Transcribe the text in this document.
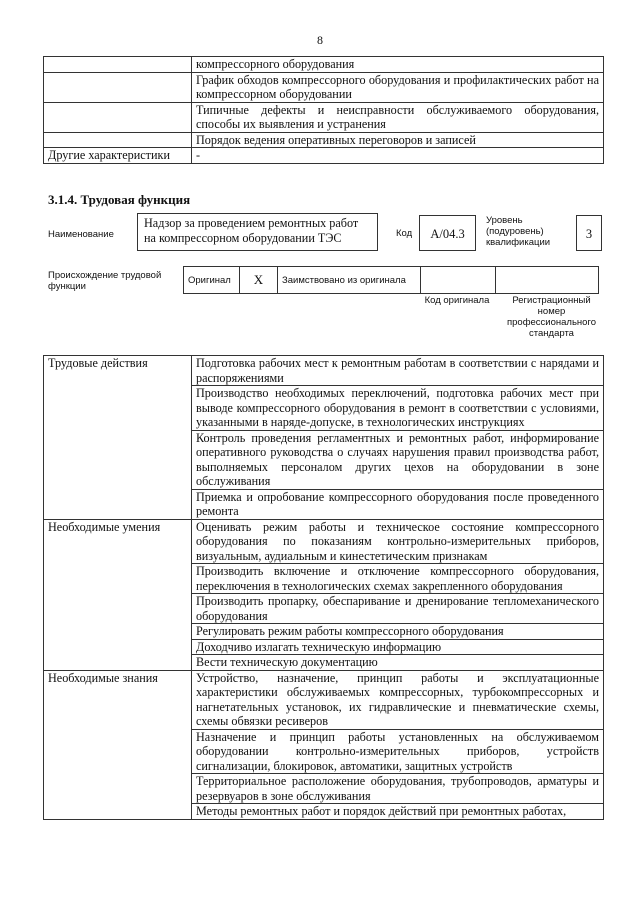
8
	компрессорного оборудования
	График обходов компрессорного оборудования и профилактических работ на компрессорном оборудовании
	Типичные дефекты и неисправности обслуживаемого оборудования, способы их выявления и устранения
	Порядок ведения оперативных переговоров и записей
Другие характеристики	-
3.1.4. Трудовая функция
Наименование
Надзор за проведением ремонтных работ на компрессорном оборудовании ТЭС	Код	А/04.3
Уровень (подуровень) квалификации
3
Происхождение трудовой функции
Оригинал	X	Заимствовано из оригинала		
Код оригинала	Регистрационный номер профессионального стандарта
Трудовые действия	Подготовка рабочих мест к ремонтным работам в соответствии с нарядами и распоряжениями
	Производство необходимых переключений, подготовка рабочих мест при выводе компрессорного оборудования в ремонт в соответствии с условиями, указанными в наряде-допуске, в технологических инструкциях
	Контроль проведения регламентных и ремонтных работ, информирование оперативного руководства о случаях нарушения правил производства работ, выполняемых персоналом других цехов на оборудовании в зоне обслуживания
	Приемка и опробование компрессорного оборудования после проведенного ремонта
Необходимые умения	Оценивать режим работы и техническое состояние компрессорного оборудования по показаниям контрольно-измерительных приборов, визуальным, аудиальным и кинестетическим признакам
	Производить включение и отключение компрессорного оборудования, переключения в технологических схемах закрепленного оборудования
	Производить пропарку, обеспаривание и дренирование тепломеханического оборудования
	Регулировать режим работы компрессорного оборудования
	Доходчиво излагать техническую информацию
	Вести техническую документацию
Необходимые знания	Устройство, назначение, принцип работы и эксплуатационные характеристики обслуживаемых компрессорных, турбокомпрессорных и нагнетательных установок, их гидравлические и пневматические схемы, схемы обвязки ресиверов
	Назначение и принцип работы установленных на обслуживаемом оборудовании контрольно-измерительных приборов, устройств сигнализации, блокировок, автоматики, защитных устройств
	Территориальное расположение оборудования, трубопроводов, арматуры и резервуаров в зоне обслуживания
	Методы ремонтных работ и порядок действий при ремонтных работах,
